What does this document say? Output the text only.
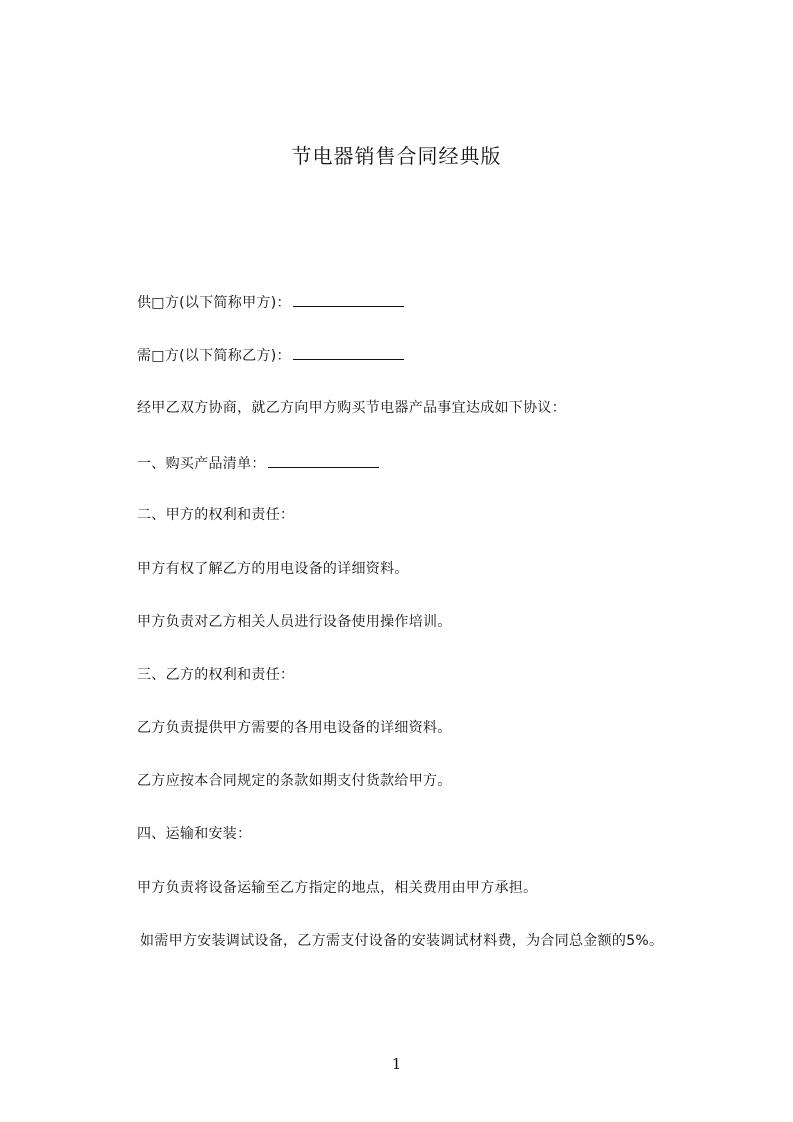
节电器销售合同经典版
供□方(以下简称甲方)：
需□方(以下简称乙方)：
经甲乙双方协商，就乙方向甲方购买节电器产品事宜达成如下协议：
一、购买产品清单：
二、甲方的权利和责任：
甲方有权了解乙方的用电设备的详细资料。
甲方负责对乙方相关人员进行设备使用操作培训。
三、乙方的权利和责任：
乙方负责提供甲方需要的各用电设备的详细资料。
乙方应按本合同规定的条款如期支付货款给甲方。
四、运输和安装：
甲方负责将设备运输至乙方指定的地点，相关费用由甲方承担。
如需甲方安装调试设备，乙方需支付设备的安装调试材料费，为合同总金额的5%。
1
